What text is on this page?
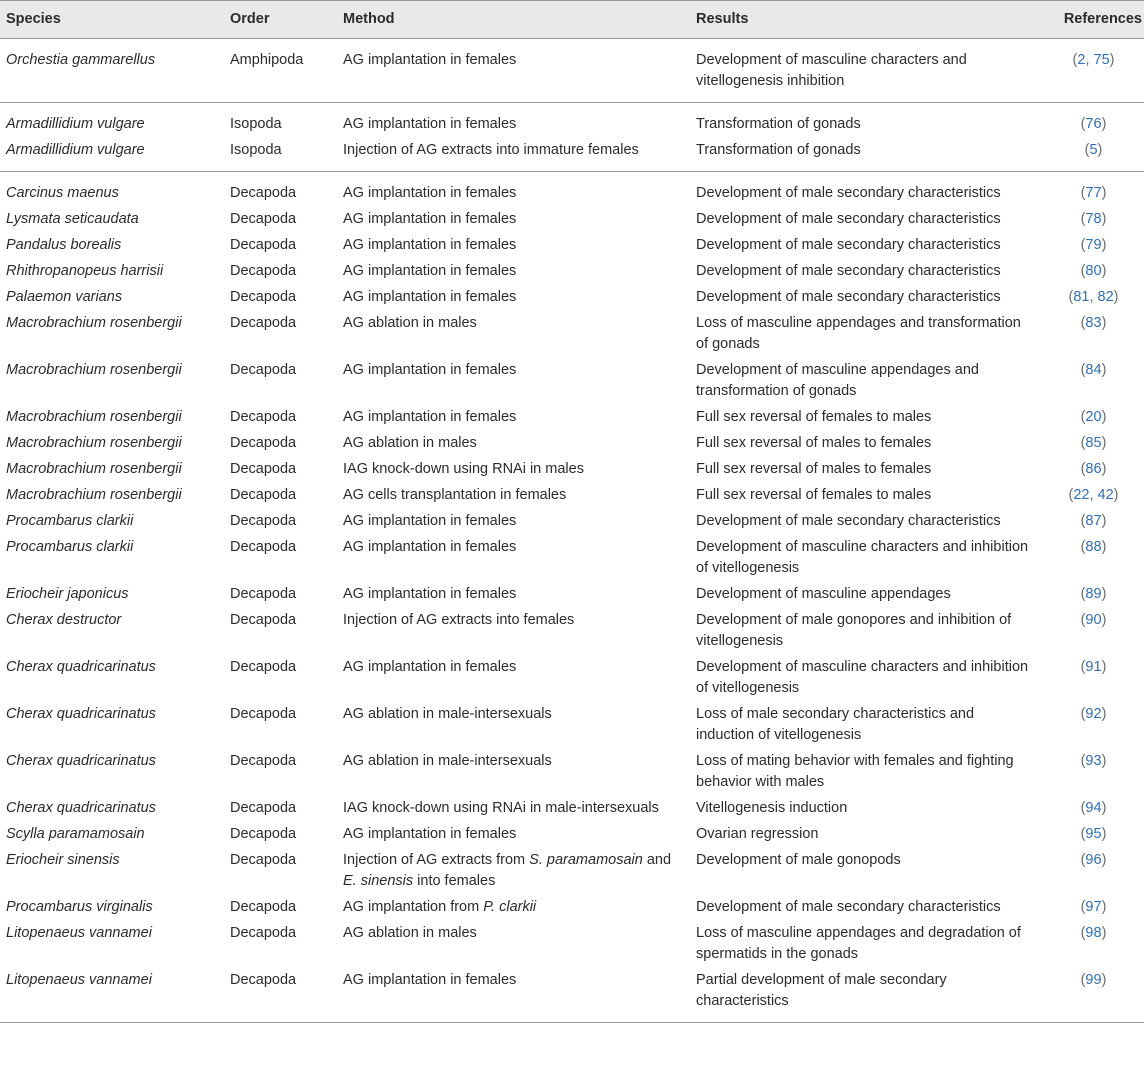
Species	Order	Method	Results	References
Orchestia gammarellus	Amphipoda	AG implantation in females	Development of masculine characters and vitellogenesis inhibition	(2, 75)
Armadillidium vulgare	Isopoda	AG implantation in females	Transformation of gonads	(76)
Armadillidium vulgare	Isopoda	Injection of AG extracts into immature females	Transformation of gonads	(5)
Carcinus maenus	Decapoda	AG implantation in females	Development of male secondary characteristics	(77)
Lysmata seticaudata	Decapoda	AG implantation in females	Development of male secondary characteristics	(78)
Pandalus borealis	Decapoda	AG implantation in females	Development of male secondary characteristics	(79)
Rhithropanopeus harrisii	Decapoda	AG implantation in females	Development of male secondary characteristics	(80)
Palaemon varians	Decapoda	AG implantation in females	Development of male secondary characteristics	(81, 82)
Macrobrachium rosenbergii	Decapoda	AG ablation in males	Loss of masculine appendages and transformation of gonads	(83)
Macrobrachium rosenbergii	Decapoda	AG implantation in females	Development of masculine appendages and transformation of gonads	(84)
Macrobrachium rosenbergii	Decapoda	AG implantation in females	Full sex reversal of females to males	(20)
Macrobrachium rosenbergii	Decapoda	AG ablation in males	Full sex reversal of males to females	(85)
Macrobrachium rosenbergii	Decapoda	IAG knock-down using RNAi in males	Full sex reversal of males to females	(86)
Macrobrachium rosenbergii	Decapoda	AG cells transplantation in females	Full sex reversal of females to males	(22, 42)
Procambarus clarkii	Decapoda	AG implantation in females	Development of male secondary characteristics	(87)
Procambarus clarkii	Decapoda	AG implantation in females	Development of masculine characters and inhibition of vitellogenesis	(88)
Eriocheir japonicus	Decapoda	AG implantation in females	Development of masculine appendages	(89)
Cherax destructor	Decapoda	Injection of AG extracts into females	Development of male gonopores and inhibition of vitellogenesis	(90)
Cherax quadricarinatus	Decapoda	AG implantation in females	Development of masculine characters and inhibition of vitellogenesis	(91)
Cherax quadricarinatus	Decapoda	AG ablation in male-intersexuals	Loss of male secondary characteristics and induction of vitellogenesis	(92)
Cherax quadricarinatus	Decapoda	AG ablation in male-intersexuals	Loss of mating behavior with females and fighting behavior with males	(93)
Cherax quadricarinatus	Decapoda	IAG knock-down using RNAi in male-intersexuals	Vitellogenesis induction	(94)
Scylla paramamosain	Decapoda	AG implantation in females	Ovarian regression	(95)
Eriocheir sinensis	Decapoda	Injection of AG extracts from S. paramamosain and E. sinensis into females	Development of male gonopods	(96)
Procambarus virginalis	Decapoda	AG implantation from P. clarkii	Development of male secondary characteristics	(97)
Litopenaeus vannamei	Decapoda	AG ablation in males	Loss of masculine appendages and degradation of spermatids in the gonads	(98)
Litopenaeus vannamei	Decapoda	AG implantation in females	Partial development of male secondary characteristics	(99)
